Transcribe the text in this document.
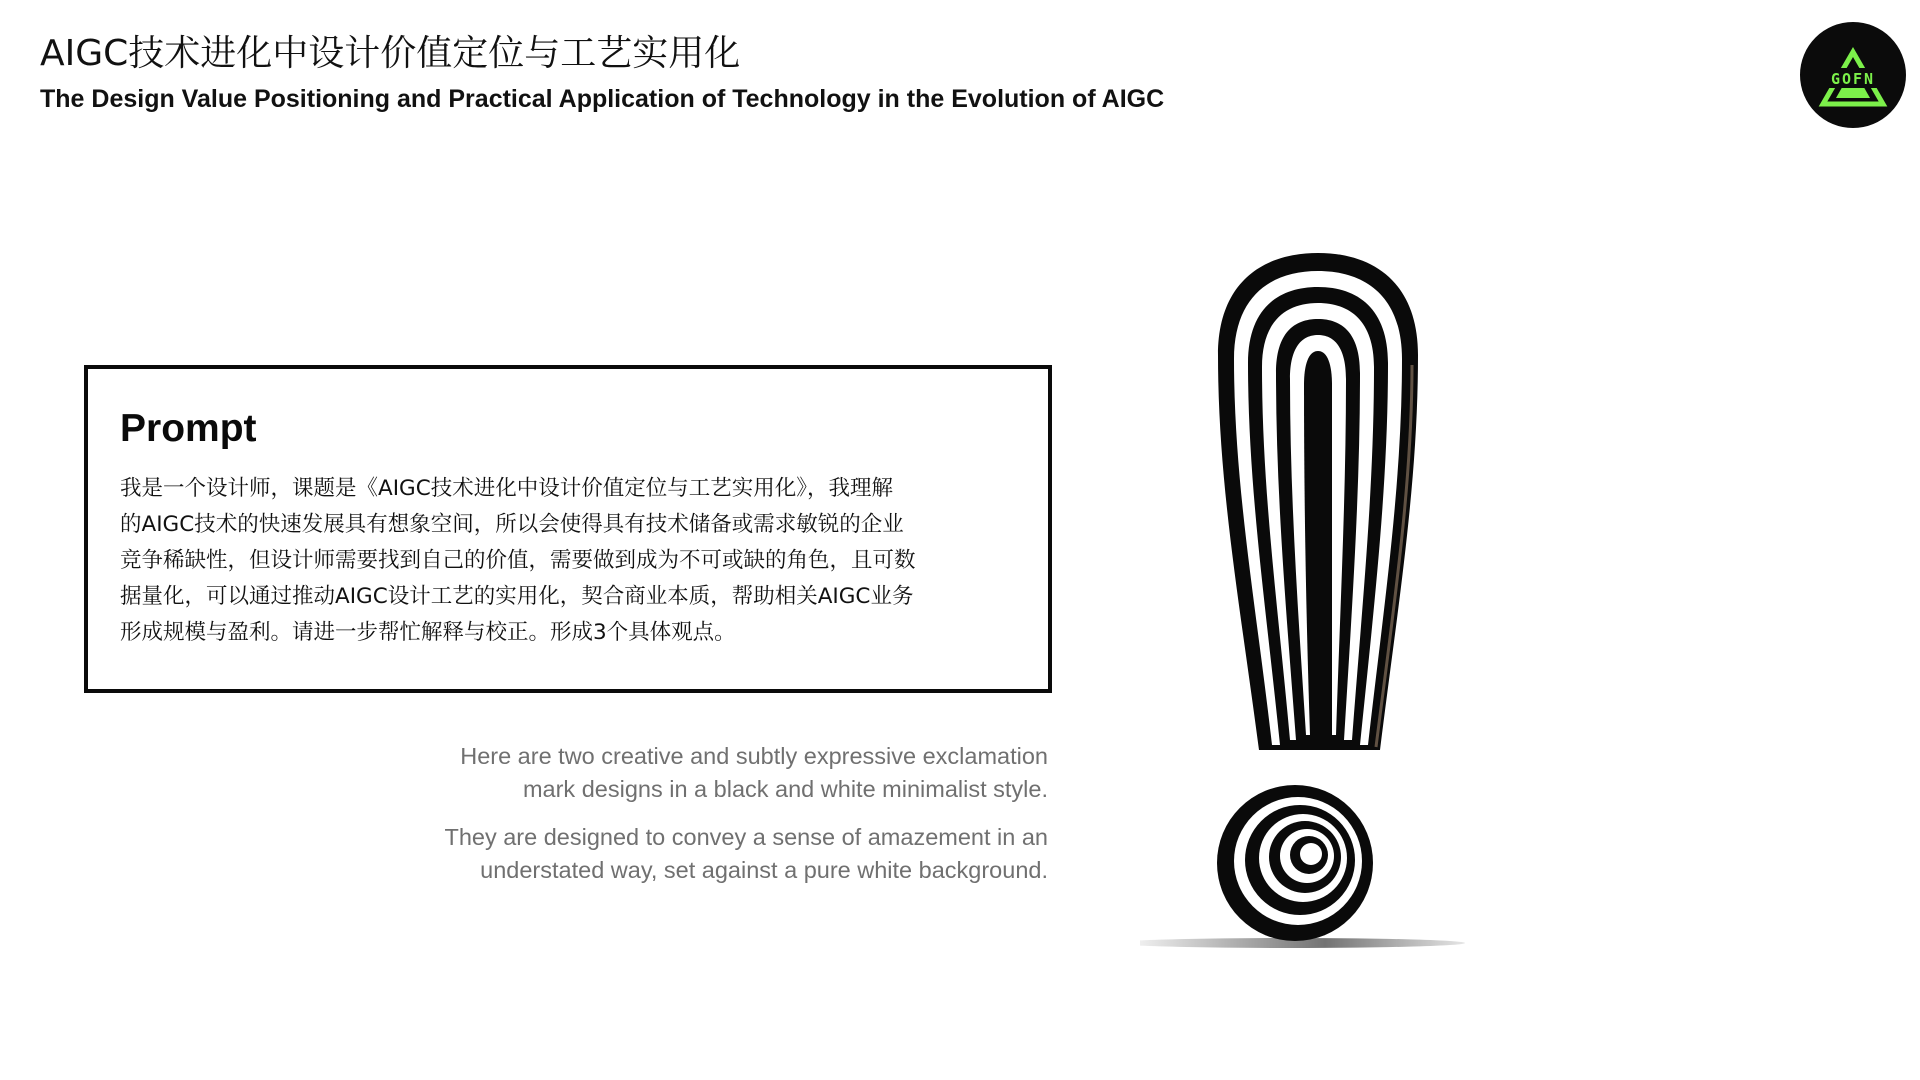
AIGC技术进化中设计价值定位与工艺实用化
The Design Value Positioning and Practical Application of Technology in the Evolution of AIGC
GOFN
Prompt

我是一个设计师，课题是《AIGC技术进化中设计价值定位与工艺实用化》，我理解
的AIGC技术的快速发展具有想象空间，所以会使得具有技术储备或需求敏锐的企业
竞争稀缺性，但设计师需要找到自己的价值，需要做到成为不可或缺的角色，且可数
据量化，可以通过推动AIGC设计工艺的实用化，契合商业本质，帮助相关AIGC业务
形成规模与盈利。请进一步帮忙解释与校正。形成3个具体观点。

Here are two creative and subtly expressive exclamation
mark designs in a black and white minimalist style.

They are designed to convey a sense of amazement in an
understated way, set against a pure white background.
